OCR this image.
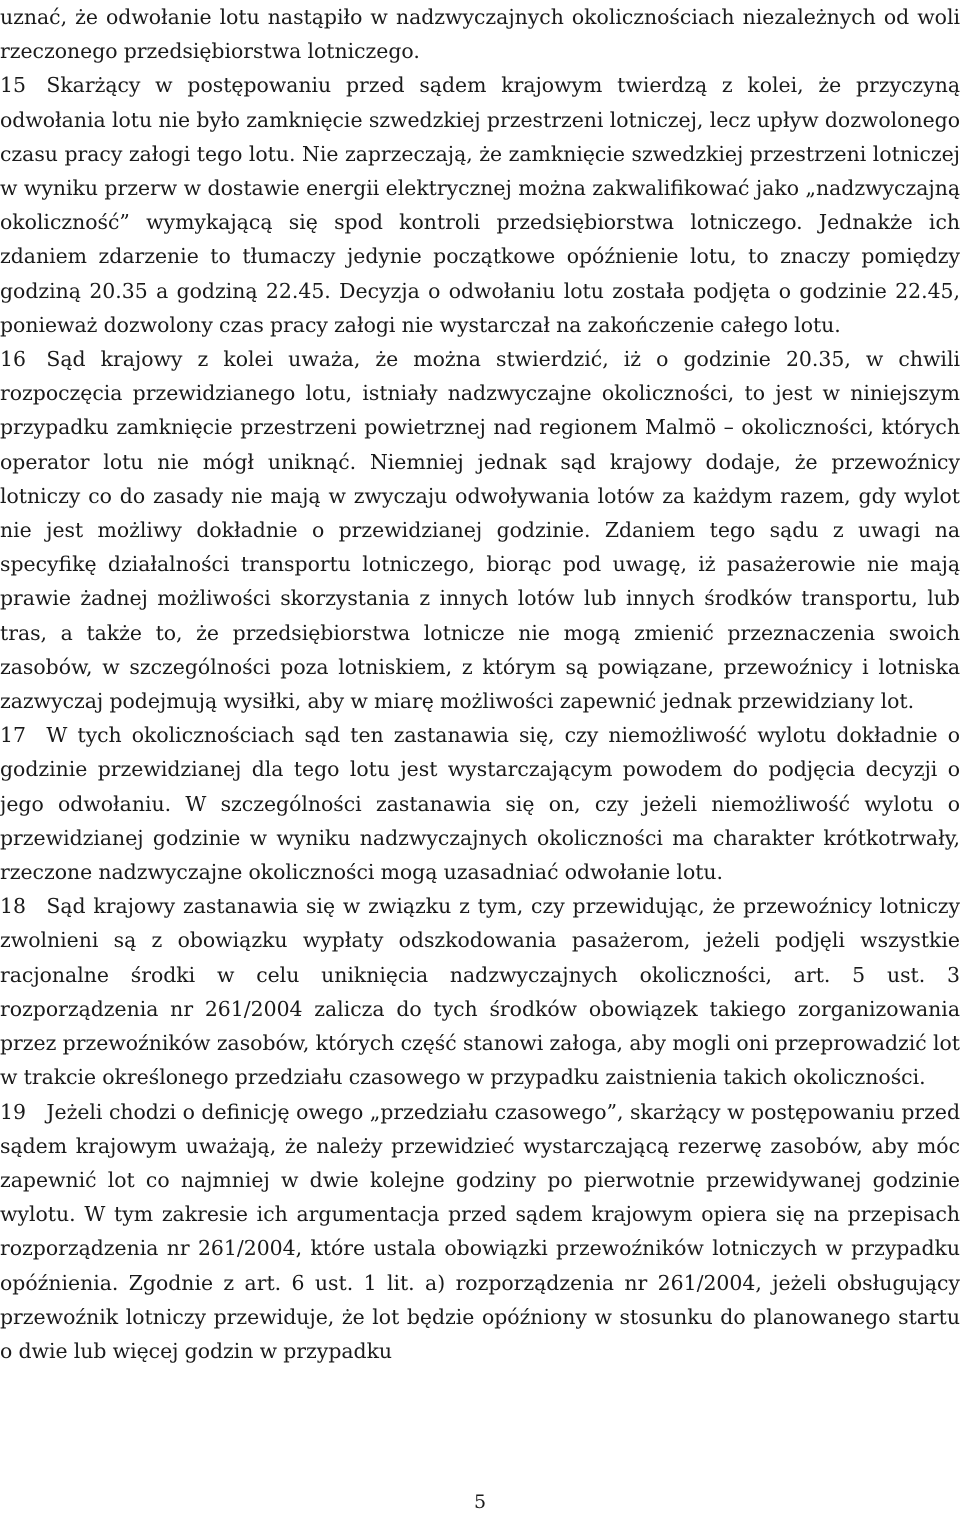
uznać, że odwołanie lotu nastąpiło w nadzwyczajnych okolicznościach niezależnych od woli rzeczonego przedsiębiorstwa lotniczego.

15  Skarżący w postępowaniu przed sądem krajowym twierdzą z kolei, że przyczyną odwołania lotu nie było zamknięcie szwedzkiej przestrzeni lotniczej, lecz upływ dozwolonego czasu pracy załogi tego lotu. Nie zaprzeczają, że zamknięcie szwedzkiej przestrzeni lotniczej w wyniku przerw w dostawie energii elektrycznej można zakwalifikować jako „nadzwyczajną okoliczność” wymykającą się spod kontroli przedsiębiorstwa lotniczego. Jednakże ich zdaniem zdarzenie to tłumaczy jedynie początkowe opóźnienie lotu, to znaczy pomiędzy godziną 20.35 a godziną 22.45. Decyzja o odwołaniu lotu została podjęta o godzinie 22.45, ponieważ dozwolony czas pracy załogi nie wystarczał na zakończenie całego lotu.

16  Sąd krajowy z kolei uważa, że można stwierdzić, iż o godzinie 20.35, w chwili rozpoczęcia przewidzianego lotu, istniały nadzwyczajne okoliczności, to jest w niniejszym przypadku zamknięcie przestrzeni powietrznej nad regionem Malmö – okoliczności, których operator lotu nie mógł uniknąć. Niemniej jednak sąd krajowy dodaje, że przewoźnicy lotniczy co do zasady nie mają w zwyczaju odwoływania lotów za każdym razem, gdy wylot nie jest możliwy dokładnie o przewidzianej godzinie. Zdaniem tego sądu z uwagi na specyfikę działalności transportu lotniczego, biorąc pod uwagę, iż pasażerowie nie mają prawie żadnej możliwości skorzystania z innych lotów lub innych środków transportu, lub tras, a także to, że przedsiębiorstwa lotnicze nie mogą zmienić przeznaczenia swoich zasobów, w szczególności poza lotniskiem, z którym są powiązane, przewoźnicy i lotniska zazwyczaj podejmują wysiłki, aby w miarę możliwości zapewnić jednak przewidziany lot.

17  W tych okolicznościach sąd ten zastanawia się, czy niemożliwość wylotu dokładnie o godzinie przewidzianej dla tego lotu jest wystarczającym powodem do podjęcia decyzji o jego odwołaniu. W szczególności zastanawia się on, czy jeżeli niemożliwość wylotu o przewidzianej godzinie w wyniku nadzwyczajnych okoliczności ma charakter krótkotrwały, rzeczone nadzwyczajne okoliczności mogą uzasadniać odwołanie lotu.

18  Sąd krajowy zastanawia się w związku z tym, czy przewidując, że przewoźnicy lotniczy zwolnieni są z obowiązku wypłaty odszkodowania pasażerom, jeżeli podjęli wszystkie racjonalne środki w celu uniknięcia nadzwyczajnych okoliczności, art. 5 ust. 3 rozporządzenia nr 261/2004 zalicza do tych środków obowiązek takiego zorganizowania przez przewoźników zasobów, których część stanowi załoga, aby mogli oni przeprowadzić lot w trakcie określonego przedziału czasowego w przypadku zaistnienia takich okoliczności.

19  Jeżeli chodzi o definicję owego „przedziału czasowego”, skarżący w postępowaniu przed sądem krajowym uważają, że należy przewidzieć wystarczającą rezerwę zasobów, aby móc zapewnić lot co najmniej w dwie kolejne godziny po pierwotnie przewidywanej godzinie wylotu. W tym zakresie ich argumentacja przed sądem krajowym opiera się na przepisach rozporządzenia nr 261/2004, które ustala obowiązki przewoźników lotniczych w przypadku opóźnienia. Zgodnie z art. 6 ust. 1 lit. a) rozporządzenia nr 261/2004, jeżeli obsługujący przewoźnik lotniczy przewiduje, że lot będzie opóźniony w stosunku do planowanego startu o dwie lub więcej godzin w przypadku

5
